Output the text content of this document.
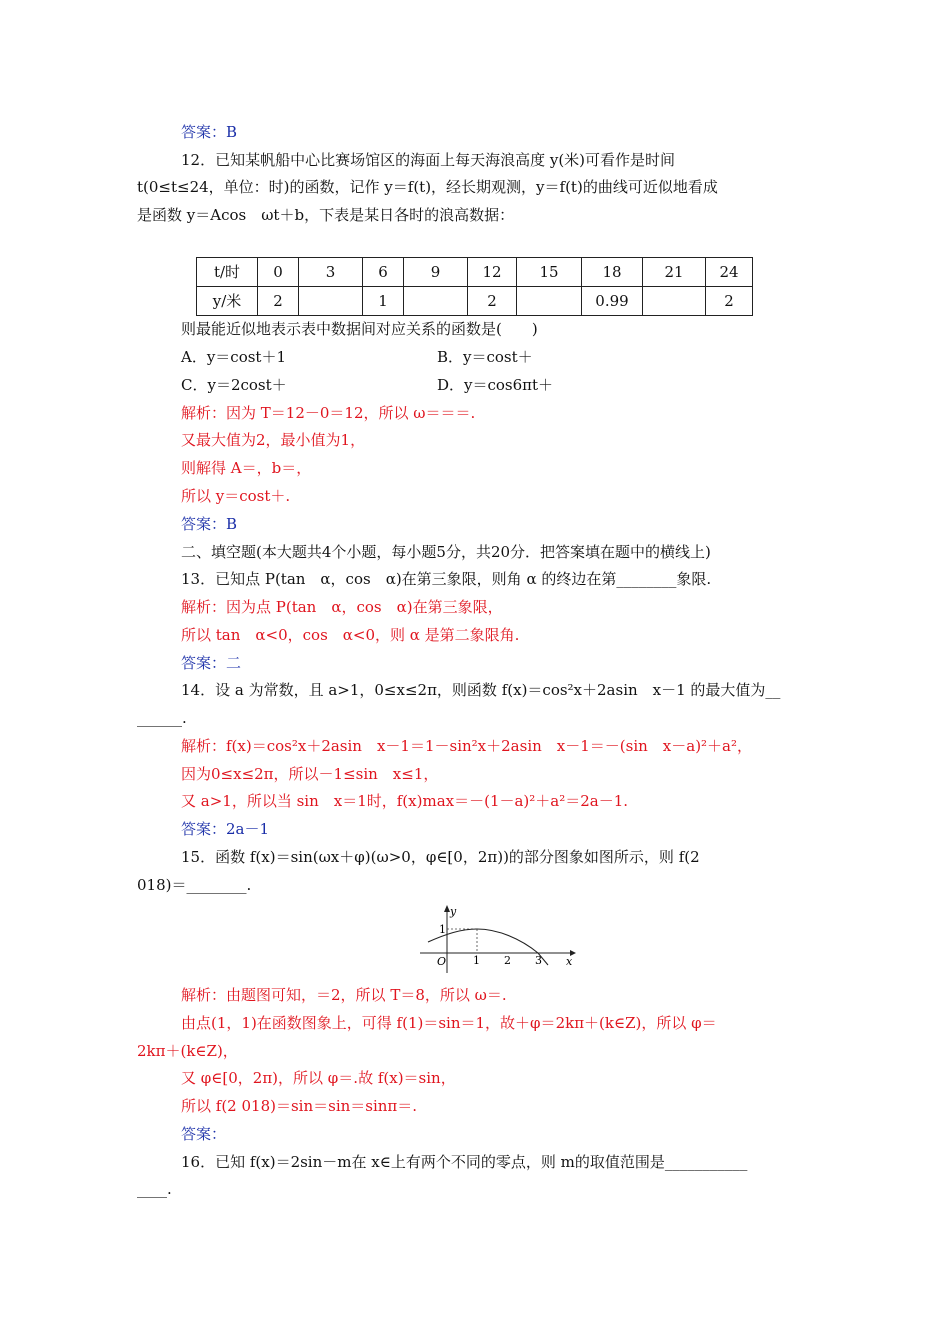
答案：B
12．已知某帆船中心比赛场馆区的海面上每天海浪高度 y(米)可看作是时间
t(0≤t≤24，单位：时)的函数，记作 y＝f(t)，经长期观测，y＝f(t)的曲线可近似地看成
是函数 y＝Acos　ωt＋b，下表是某日各时的浪高数据：
t/时	0	3	6	9	12	15	18	21	24
y/米	2		1		2		0.99		2
则最能近似地表示表中数据间对应关系的函数是(　　)
A．y＝cost＋1	B．y＝cost＋
C．y＝2cost＋	D．y＝cos6πt＋
解析：因为 T＝12－0＝12，所以 ω＝＝＝.
又最大值为2，最小值为1，
则解得 A＝，b＝，
所以 y＝cost＋.
答案：B
二、填空题(本大题共4个小题，每小题5分，共20分．把答案填在题中的横线上)
13．已知点 P(tan　α，cos　α)在第三象限，则角 α 的终边在第________象限.
解析：因为点 P(tan　α，cos　α)在第三象限，
所以 tan　α<0，cos　α<0，则 α 是第二象限角.
答案：二
14．设 a 为常数，且 a>1，0≤x≤2π，则函数 f(x)＝cos²x＋2asin　x－1 的最大值为__
______.
解析：f(x)＝cos²x＋2asin　x－1＝1－sin²x＋2asin　x－1＝－(sin　x－a)²＋a²，
因为0≤x≤2π，所以－1≤sin　x≤1，
又 a>1，所以当 sin　x＝1时，f(x)max＝－(1－a)²＋a²＝2a－1.
答案：2a－1
15．函数 f(x)＝sin(ωx＋φ)(ω>0，φ∈[0，2π))的部分图象如图所示，则 f(2
018)＝________.
y
x
O
1
1 2 3
解析：由题图可知，＝2，所以 T＝8，所以 ω＝.
由点(1，1)在函数图象上，可得 f(1)＝sin＝1，故＋φ＝2kπ＋(k∈Z)，所以 φ＝
2kπ＋(k∈Z)，
又 φ∈[0，2π)，所以 φ＝.故 f(x)＝sin，
所以 f(2 018)＝sin＝sin＝sinπ＝.
答案：
16．已知 f(x)＝2sin－m在 x∈上有两个不同的零点，则 m的取值范围是___________
____.
